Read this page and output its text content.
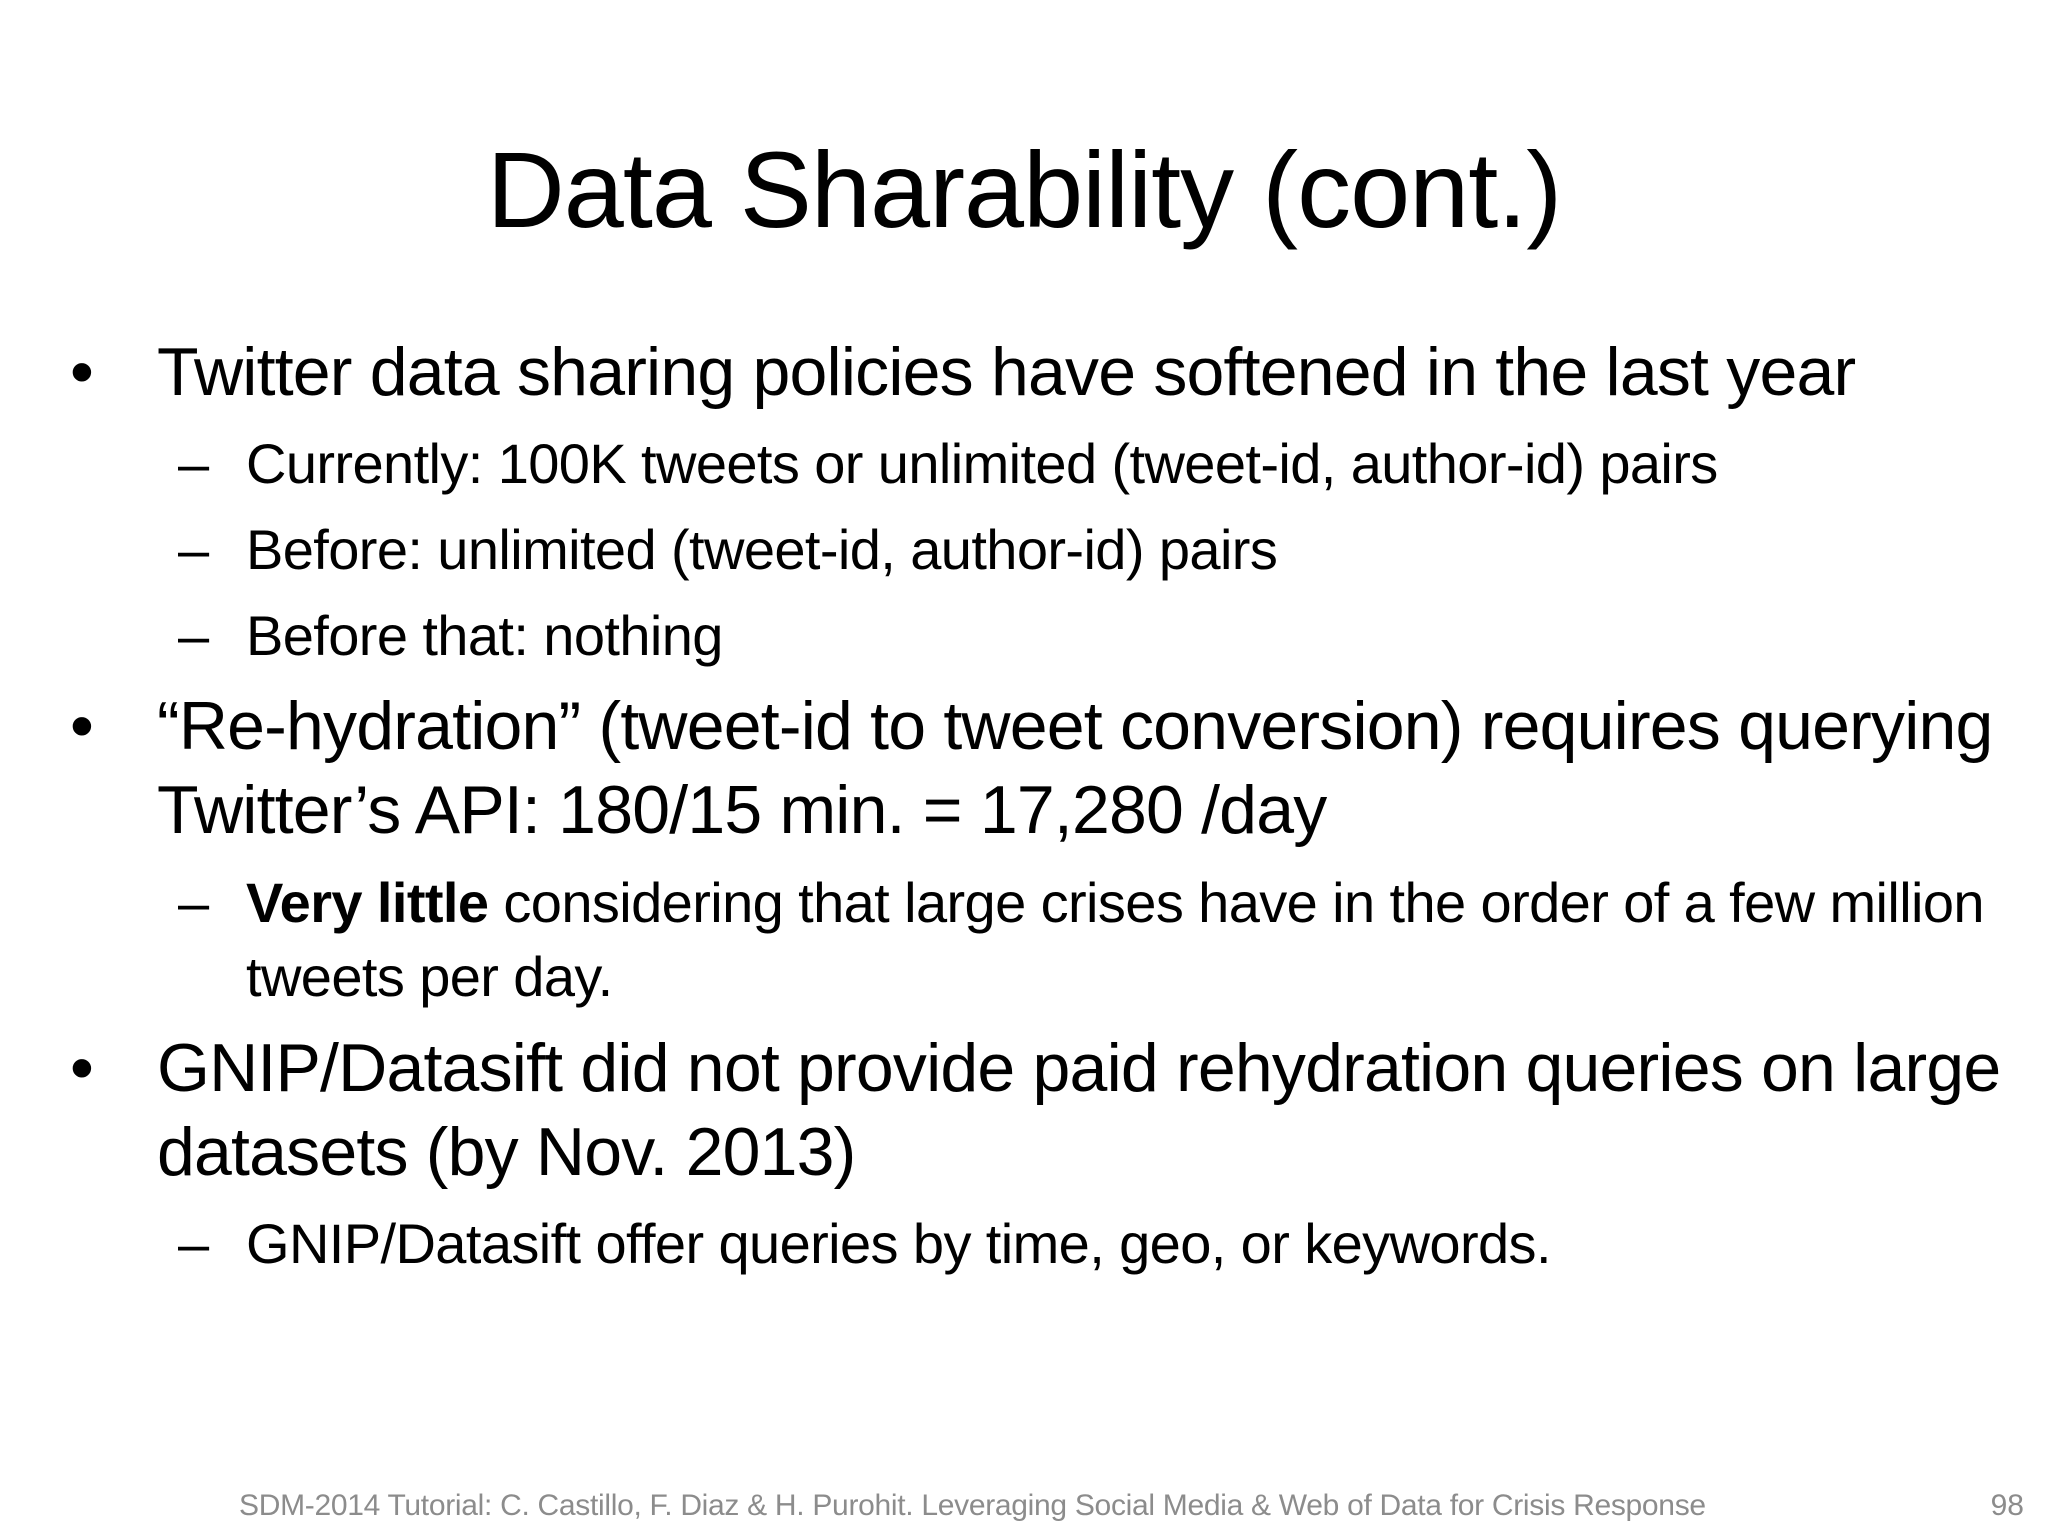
Data Sharability (cont.)
• Twitter data sharing policies have softened in the last year
– Currently: 100K tweets or unlimited (tweet-id, author-id) pairs
– Before: unlimited (tweet-id, author-id) pairs
– Before that: nothing
• “Re-hydration” (tweet-id to tweet conversion) requires querying Twitter’s API: 180/15 min. = 17,280 /day
– Very little considering that large crises have in the order of a few million tweets per day.
• GNIP/Datasift did not provide paid rehydration queries on large datasets (by Nov. 2013)
– GNIP/Datasift offer queries by time, geo, or keywords.
SDM-2014 Tutorial: C. Castillo, F. Diaz & H. Purohit. Leveraging Social Media & Web of Data for Crisis Response	98
